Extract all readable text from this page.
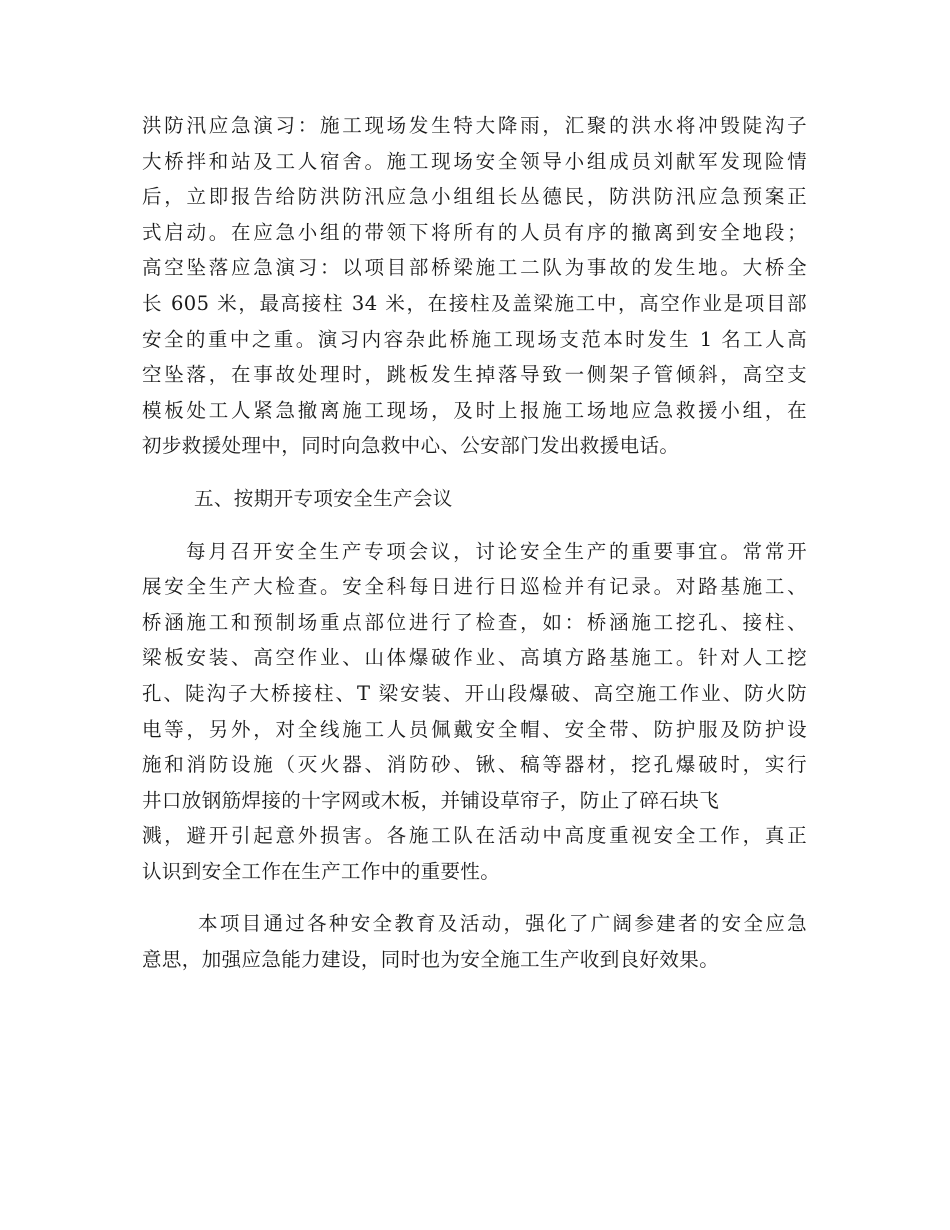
洪防汛应急演习：施工现场发生特大降雨，汇聚的洪水将冲毁陡沟子
大桥拌和站及工人宿舍。施工现场安全领导小组成员刘献军发现险情
后，立即报告给防洪防汛应急小组组长丛德民，防洪防汛应急预案正
式启动。在应急小组的带领下将所有的人员有序的撤离到安全地段；
高空坠落应急演习：以项目部桥梁施工二队为事故的发生地。大桥全
长 605 米，最高接柱 34 米，在接柱及盖梁施工中，高空作业是项目部
安全的重中之重。演习内容杂此桥施工现场支范本时发生 1 名工人高
空坠落，在事故处理时，跳板发生掉落导致一侧架子管倾斜，高空支
模板处工人紧急撤离施工现场，及时上报施工场地应急救援小组，在
初步救援处理中，同时向急救中心、公安部门发出救援电话。
五、按期开专项安全生产会议
每月召开安全生产专项会议，讨论安全生产的重要事宜。常常开
展安全生产大检查。安全科每日进行日巡检并有记录。对路基施工、
桥涵施工和预制场重点部位进行了检查，如：桥涵施工挖孔、接柱、
梁板安装、高空作业、山体爆破作业、高填方路基施工。针对人工挖
孔、陡沟子大桥接柱、T 梁安装、开山段爆破、高空施工作业、防火防
电等，另外，对全线施工人员佩戴安全帽、安全带、防护服及防护设
施和消防设施（灭火器、消防砂、锹、稿等器材，挖孔爆破时，实行
井口放钢筋焊接的十字网或木板，并铺设草帘子，防止了碎石块飞
溅，避开引起意外损害。各施工队在活动中高度重视安全工作，真正
认识到安全工作在生产工作中的重要性。
本项目通过各种安全教育及活动，强化了广阔参建者的安全应急
意思，加强应急能力建设，同时也为安全施工生产收到良好效果。
